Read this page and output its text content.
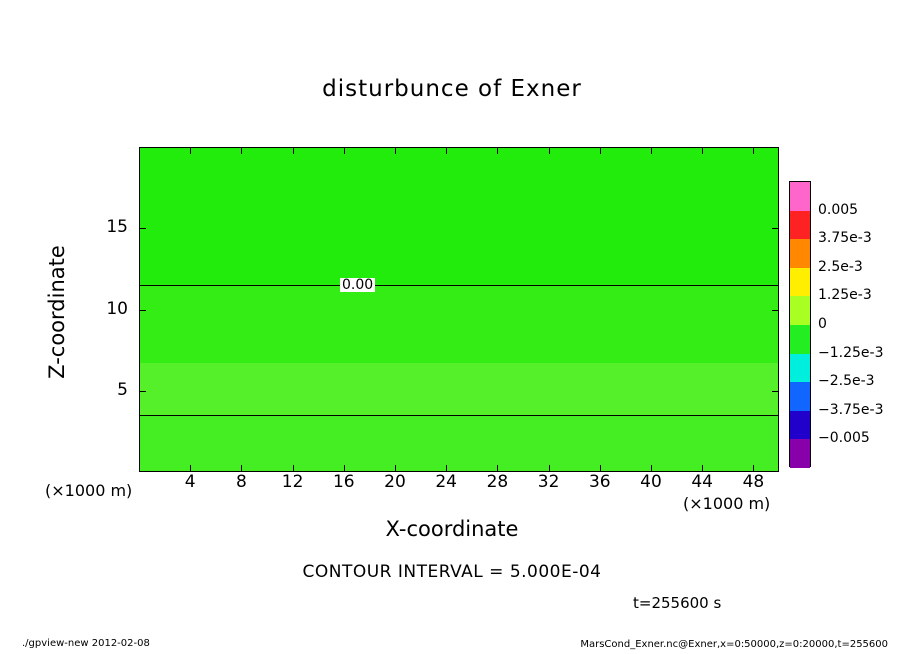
disturbunce of Exner
0.00
X-coordinate
Z-coordinate
(×1000 m)
(×1000 m)
CONTOUR INTERVAL = 5.000E-04
t=255600 s
./gpview-new 2012-02-08	MarsCond_Exner.nc@Exner,x=0:50000,z=0:20000,t=255600
4	8	12	16	20	24	28	32	36	40	44	48
5
10
15
0.005
3.75e-3
2.5e-3
1.25e-3
0
−1.25e-3
−2.5e-3
−3.75e-3
−0.005
